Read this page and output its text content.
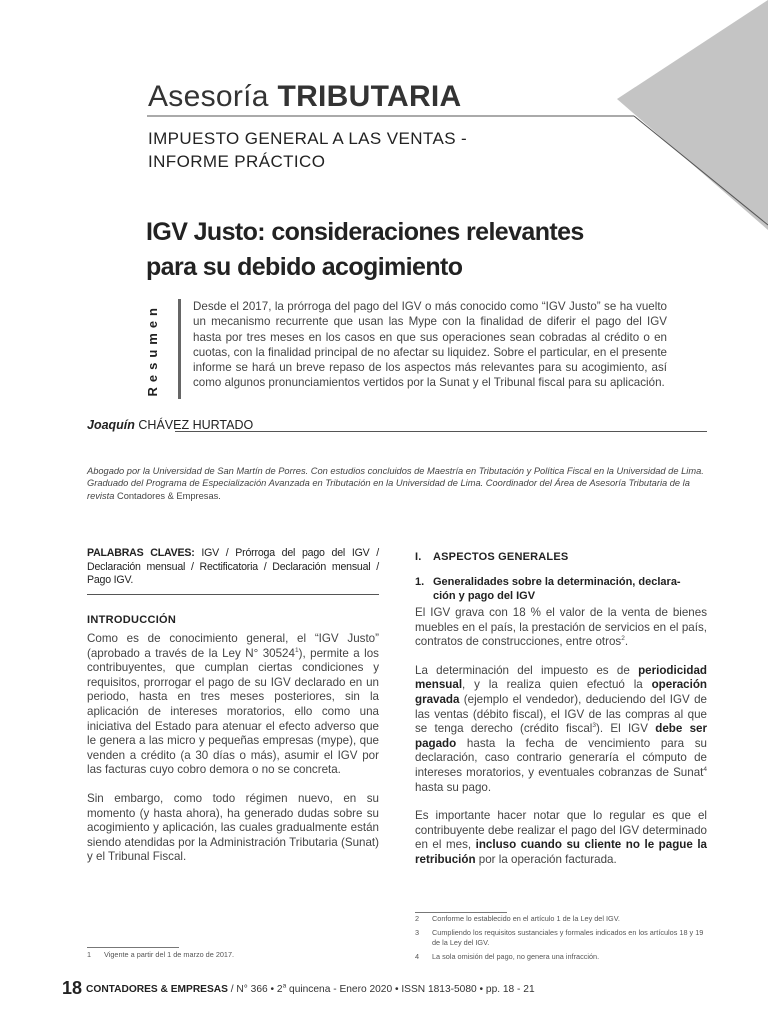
Asesoría TRIBUTARIA
IMPUESTO GENERAL A LAS VENTAS -
INFORME PRÁCTICO
IGV Justo: consideraciones relevantes
para su debido acogimiento
Resumen	Desde el 2017, la prórroga del pago del IGV o más conocido como “IGV Justo” se ha vuelto un mecanismo recurrente que usan las Mype con la finalidad de diferir el pago del IGV hasta por tres meses en los casos en que sus operaciones sean cobradas al crédito o en cuotas, con la finalidad principal de no afectar su liquidez. Sobre el particular, en el presente informe se hará un breve repaso de los aspectos más relevantes para su acogimiento, así como algunos pronunciamientos vertidos por la Sunat y el Tribunal fiscal para su aplicación.
Joaquín CHÁVEZ HURTADO
Abogado por la Universidad de San Martín de Porres. Con estudios concluidos de Maestría en Tributación y Política Fiscal en la Universidad de Lima. Graduado del Programa de Especialización Avanzada en Tributación en la Universidad de Lima. Coordinador del Área de Asesoría Tributaria de la revista Contadores & Empresas.
PALABRAS CLAVES: IGV / Prórroga del pago del IGV / Declaración mensual / Rectificatoria / Declaración mensual / Pago IGV.
INTRODUCCIÓN

Como es de conocimiento general, el “IGV Justo” (aprobado a través de la Ley N° 30524$^1$), permite a los contribuyentes, que cumplan ciertas condiciones y requisitos, prorrogar el pago de su IGV declarado en un periodo, hasta en tres meses posteriores, sin la aplicación de intereses moratorios, ello como una iniciativa del Estado para atenuar el efecto adverso que le genera a las micro y pequeñas empresas (mype), que venden a crédito (a 30 días o más), asumir el IGV por las facturas cuyo cobro demora o no se concreta.

Sin embargo, como todo régimen nuevo, en su momento (y hasta ahora), ha generado dudas sobre su acogimiento y aplicación, las cuales gradualmente están siendo atendidas por la Administración Tributaria (Sunat) y el Tribunal Fiscal.

I. ASPECTOS GENERALES
1. Generalidades sobre la determinación, declara-
ción y pago del IGV

El IGV grava con 18 % el valor de la venta de bienes muebles en el país, la prestación de servicios en el país, contratos de construcciones, entre otros$^2$.

La determinación del impuesto es de periodicidad mensual, y la realiza quien efectuó la operación gravada (ejemplo el vendedor), deduciendo del IGV de las ventas (débito fiscal), el IGV de las compras al que se tenga derecho (crédito fiscal$^3$). El IGV debe ser pagado hasta la fecha de vencimiento para su declaración, caso contrario generaría el cómputo de intereses moratorios, y eventuales cobranzas de Sunat$^4$ hasta su pago.

Es importante hacer notar que lo regular es que el contribuyente debe realizar el pago del IGV determinado en el mes, incluso cuando su cliente no le pague la retribución por la operación facturada.

2	Conforme lo establecido en el artículo 1 de la Ley del IGV.
3	Cumpliendo los requisitos sustanciales y formales indicados en los artículos 18 y 19 de la Ley del IGV.
4	La sola omisión del pago, no genera una infracción.
1	Vigente a partir del 1 de marzo de 2017.
18 CONTADORES & EMPRESAS / N° 366 • 2$^a$ quincena - Enero 2020 • ISSN 1813-5080 • pp. 18 - 21
